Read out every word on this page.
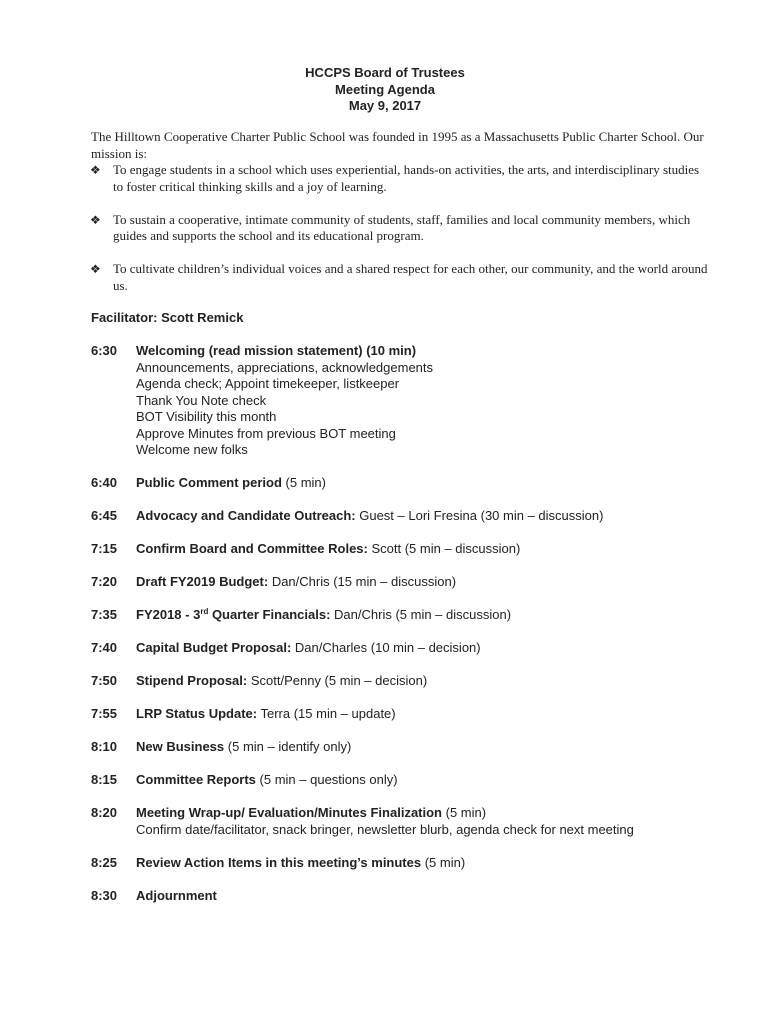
HCCPS Board of Trustees
Meeting Agenda
May 9, 2017
The Hilltown Cooperative Charter Public School was founded in 1995 as a Massachusetts Public Charter School. Our mission is:
❖ To engage students in a school which uses experiential, hands-on activities, the arts, and interdisciplinary studies to foster critical thinking skills and a joy of learning.
❖ To sustain a cooperative, intimate community of students, staff, families and local community members, which guides and supports the school and its educational program.
❖ To cultivate children’s individual voices and a shared respect for each other, our community, and the world around us.
Facilitator: Scott Remick
6:30 Welcoming (read mission statement) (10 min)
Announcements, appreciations, acknowledgements
Agenda check; Appoint timekeeper, listkeeper
Thank You Note check
BOT Visibility this month
Approve Minutes from previous BOT meeting
Welcome new folks
6:40 Public Comment period (5 min)
6:45 Advocacy and Candidate Outreach: Guest – Lori Fresina (30 min – discussion)
7:15 Confirm Board and Committee Roles: Scott (5 min – discussion)
7:20 Draft FY2019 Budget: Dan/Chris (15 min – discussion)
7:35 FY2018 - 3rd Quarter Financials: Dan/Chris (5 min – discussion)
7:40 Capital Budget Proposal: Dan/Charles (10 min – decision)
7:50 Stipend Proposal: Scott/Penny (5 min – decision)
7:55 LRP Status Update: Terra (15 min – update)
8:10 New Business (5 min – identify only)
8:15 Committee Reports (5 min – questions only)
8:20 Meeting Wrap-up/ Evaluation/Minutes Finalization (5 min)
Confirm date/facilitator, snack bringer, newsletter blurb, agenda check for next meeting
8:25 Review Action Items in this meeting’s minutes (5 min)
8:30 Adjournment
